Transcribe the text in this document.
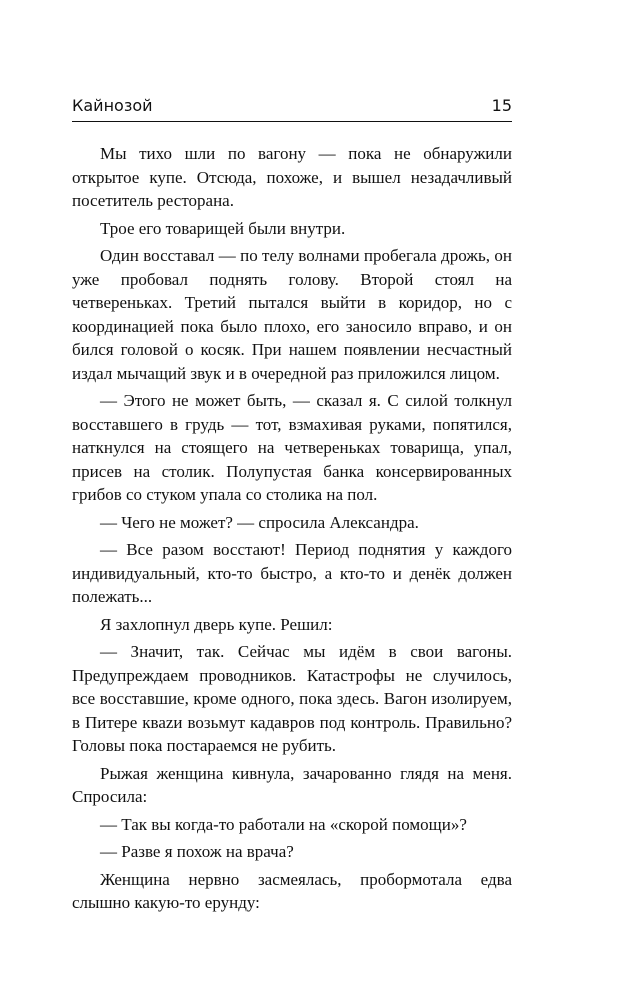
Кайнозой	15

Мы тихо шли по вагону — пока не обнаружили открытое купе. Отсюда, похоже, и вышел незадачливый посетитель ресторана.

Трое его товарищей были внутри.

Один восставал — по телу волнами пробегала дрожь, он уже пробовал поднять голову. Второй стоял на четвереньках. Третий пытался выйти в коридор, но с координацией пока было плохо, его заносило вправо, и он бился головой о косяк. При нашем появлении несчастный издал мычащий звук и в очередной раз приложился лицом.

— Этого не может быть, — сказал я. С силой толкнул восставшего в грудь — тот, взмахивая руками, попятился, наткнулся на стоящего на четвереньках товарища, упал, присев на столик. Полупустая банка консервированных грибов со стуком упала со столика на пол.

— Чего не может? — спросила Александра.

— Все разом восстают! Период поднятия у каждого индивидуальный, кто-то быстро, а кто-то и денёк должен полежать...

Я захлопнул дверь купе. Решил:

— Значит, так. Сейчас мы идём в свои вагоны. Предупреждаем проводников. Катастрофы не случилось, все восставшие, кроме одного, пока здесь. Вагон изолируем, в Питере кваzи возьмут кадавров под контроль. Правильно? Головы пока постараемся не рубить.

Рыжая женщина кивнула, зачарованно глядя на меня. Спросила:

— Так вы когда-то работали на «скорой помощи»?

— Разве я похож на врача?

Женщина нервно засмеялась, пробормотала едва слышно какую-то ерунду:
